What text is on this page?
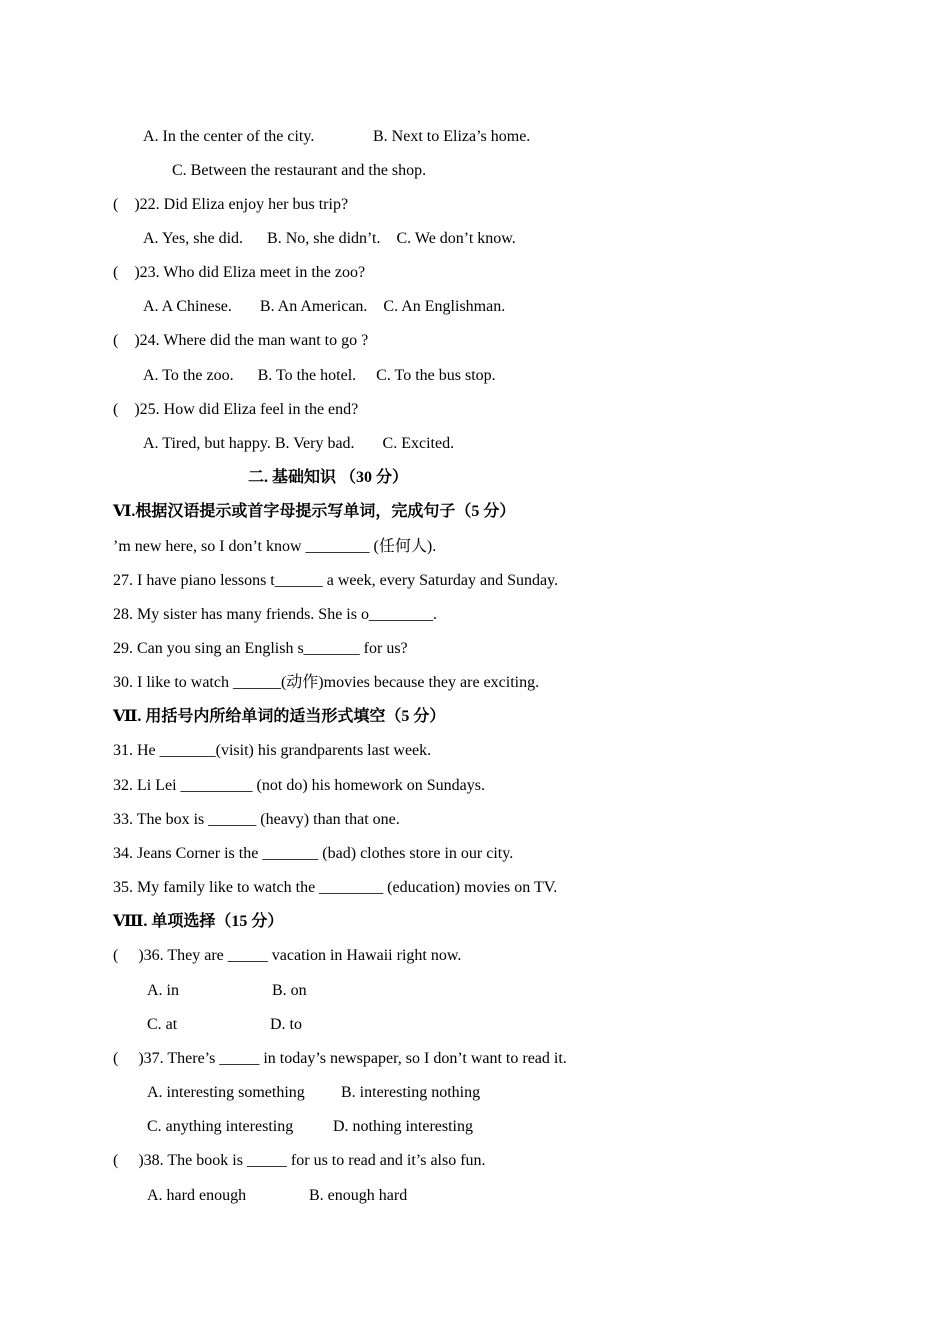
A. In the center of the city.	B. Next to Eliza’s home.
C. Between the restaurant and the shop.
(    )22. Did Eliza enjoy her bus trip?
A. Yes, she did.      B. No, she didn’t.    C. We don’t know.
(    )23. Who did Eliza meet in the zoo?
A. A Chinese.       B. An American.    C. An Englishman.
(    )24. Where did the man want to go ?
A. To the zoo.      B. To the hotel.     C. To the bus stop.
(    )25. How did Eliza feel in the end?
A. Tired, but happy. B. Very bad.       C. Excited.
二. 基础知识 （30 分）
Ⅵ.根据汉语提示或首字母提示写单词，完成句子（5 分）
’m new here, so I don’t know ________ (任何人).
27. I have piano lessons t______ a week, every Saturday and Sunday.
28. My sister has many friends. She is o________.
29. Can you sing an English s_______ for us?
30. I like to watch ______(动作)movies because they are exciting.
Ⅶ. 用括号内所给单词的适当形式填空（5 分）
31. He _______(visit) his grandparents last week.
32. Li Lei _________ (not do) his homework on Sundays.
33. The box is ______ (heavy) than that one.
34. Jeans Corner is the _______ (bad) clothes store in our city.
35. My family like to watch the ________ (education) movies on TV.
Ⅷ. 单项选择（15 分）
(     )36. They are _____ vacation in Hawaii right now.
A. in	B. on
C. at	D. to
(     )37. There’s _____ in today’s newspaper, so I don’t want to read it.
A. interesting something B. interesting nothing
C. anything interesting D. nothing interesting
(     )38. The book is _____ for us to read and it’s also fun.
A. hard enough	B. enough hard
